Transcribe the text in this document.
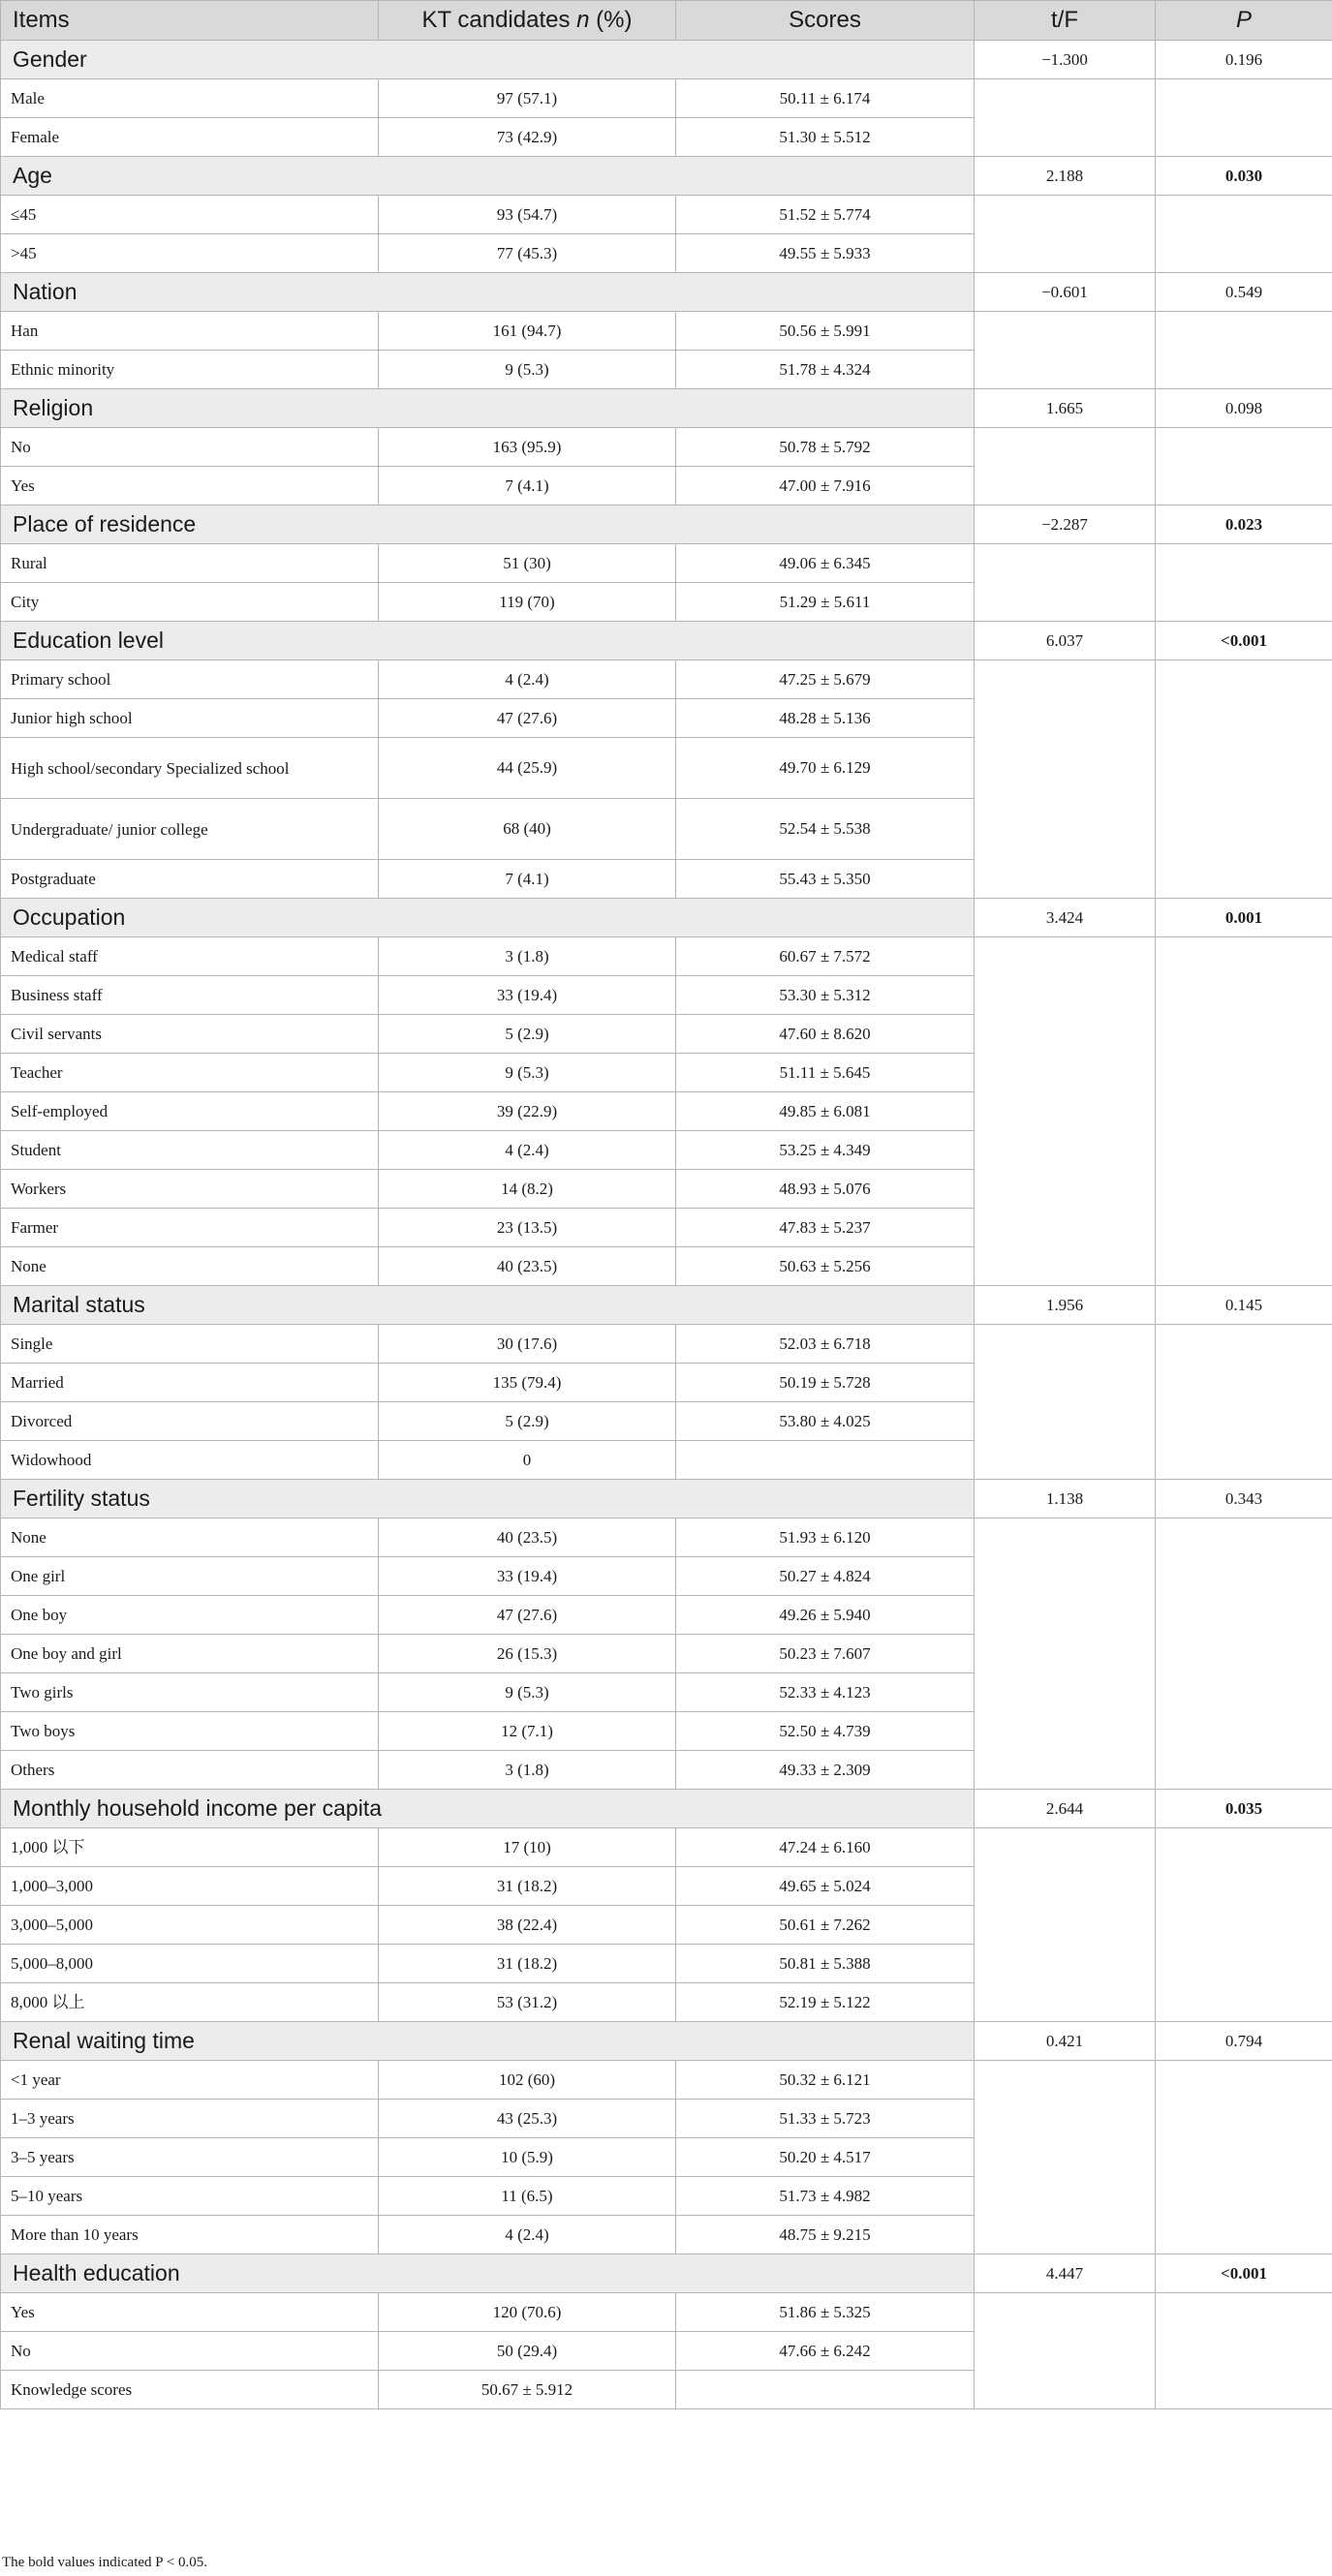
Items	KT candidates n (%)	Scores	t/F	P
Gender			−1.300	0.196
Male	97 (57.1)	50.11 ± 6.174		
Female	73 (42.9)	51.30 ± 5.512		
Age			2.188	0.030
≤45	93 (54.7)	51.52 ± 5.774		
>45	77 (45.3)	49.55 ± 5.933		
Nation			−0.601	0.549
Han	161 (94.7)	50.56 ± 5.991		
Ethnic minority	9 (5.3)	51.78 ± 4.324		
Religion			1.665	0.098
No	163 (95.9)	50.78 ± 5.792		
Yes	7 (4.1)	47.00 ± 7.916		
Place of residence			−2.287	0.023
Rural	51 (30)	49.06 ± 6.345		
City	119 (70)	51.29 ± 5.611		
Education level			6.037	<0.001
Primary school	4 (2.4)	47.25 ± 5.679		
Junior high school	47 (27.6)	48.28 ± 5.136		
High school/secondary Specialized school	44 (25.9)	49.70 ± 6.129		
Undergraduate/ junior college	68 (40)	52.54 ± 5.538		
Postgraduate	7 (4.1)	55.43 ± 5.350		
Occupation			3.424	0.001
Medical staff	3 (1.8)	60.67 ± 7.572		
Business staff	33 (19.4)	53.30 ± 5.312		
Civil servants	5 (2.9)	47.60 ± 8.620		
Teacher	9 (5.3)	51.11 ± 5.645		
Self-employed	39 (22.9)	49.85 ± 6.081		
Student	4 (2.4)	53.25 ± 4.349		
Workers	14 (8.2)	48.93 ± 5.076		
Farmer	23 (13.5)	47.83 ± 5.237		
None	40 (23.5)	50.63 ± 5.256		
Marital status			1.956	0.145
Single	30 (17.6)	52.03 ± 6.718		
Married	135 (79.4)	50.19 ± 5.728		
Divorced	5 (2.9)	53.80 ± 4.025		
Widowhood	0			
Fertility status			1.138	0.343
None	40 (23.5)	51.93 ± 6.120		
One girl	33 (19.4)	50.27 ± 4.824		
One boy	47 (27.6)	49.26 ± 5.940		
One boy and girl	26 (15.3)	50.23 ± 7.607		
Two girls	9 (5.3)	52.33 ± 4.123		
Two boys	12 (7.1)	52.50 ± 4.739		
Others	3 (1.8)	49.33 ± 2.309		
Monthly household income per capita			2.644	0.035
1,000 以下	17 (10)	47.24 ± 6.160		
1,000–3,000	31 (18.2)	49.65 ± 5.024		
3,000–5,000	38 (22.4)	50.61 ± 7.262		
5,000–8,000	31 (18.2)	50.81 ± 5.388		
8,000 以上	53 (31.2)	52.19 ± 5.122		
Renal waiting time			0.421	0.794
<1 year	102 (60)	50.32 ± 6.121		
1–3 years	43 (25.3)	51.33 ± 5.723		
3–5 years	10 (5.9)	50.20 ± 4.517		
5–10 years	11 (6.5)	51.73 ± 4.982		
More than 10 years	4 (2.4)	48.75 ± 9.215		
Health education			4.447	<0.001
Yes	120 (70.6)	51.86 ± 5.325		
No	50 (29.4)	47.66 ± 6.242		
Knowledge scores	50.67 ± 5.912			
The bold values indicated P < 0.05.
